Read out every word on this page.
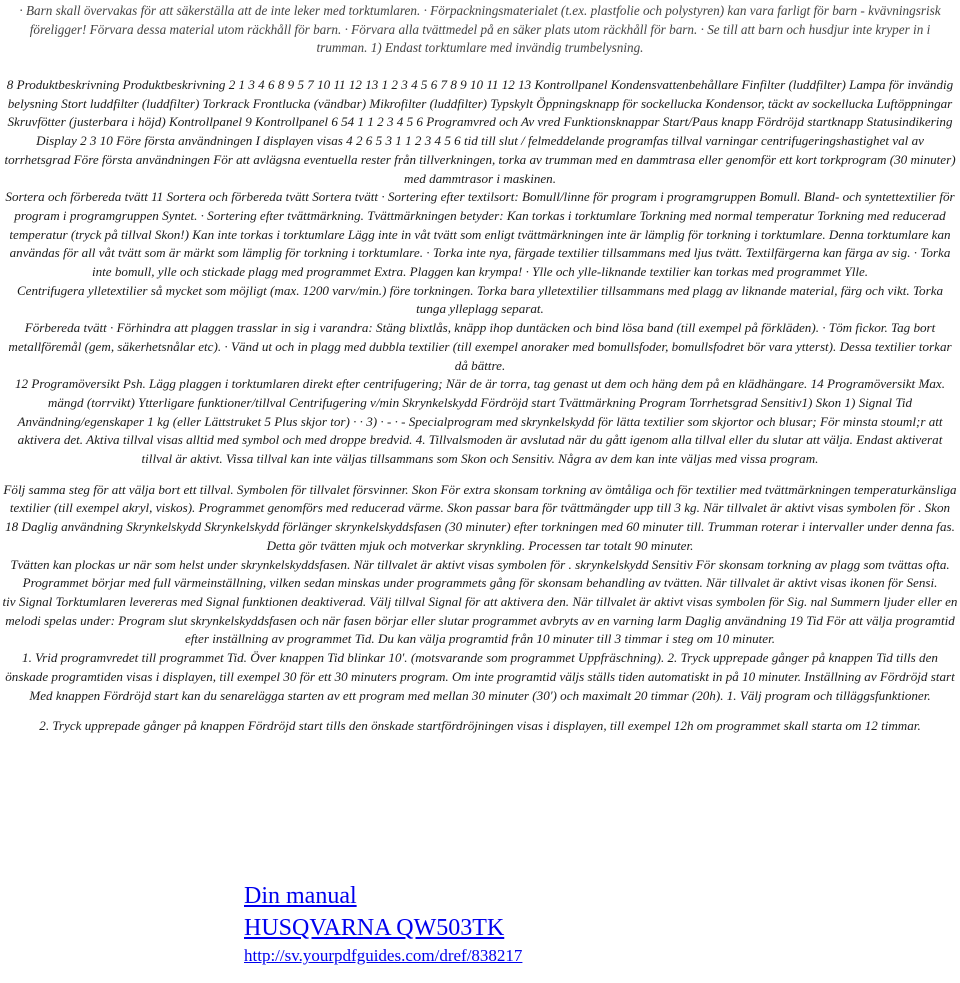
· Barn skall övervakas för att säkerställa att de inte leker med torktumlaren. · Förpackningsmaterialet (t.ex. plastfolie och polystyren) kan vara farligt för barn - kvävningsrisk föreligger! Förvara dessa material utom räckhåll för barn. · Förvara alla tvättmedel på en säker plats utom räckhåll för barn. · Se till att barn och husdjur inte kryper in i trumman. 1) Endast torktumlare med invändig trumbelysning.

8 Produktbeskrivning Produktbeskrivning 2 1 3 4 6 8 9 5 7 10 11 12 13 1 2 3 4 5 6 7 8 9 10 11 12 13 Kontrollpanel Kondensvattenbehållare Finfilter (luddfilter) Lampa för invändig belysning Stort luddfilter (luddfilter) Torkrack Frontlucka (vändbar) Mikrofilter (luddfilter) Typskylt Öppningsknapp för sockellucka Kondensor, täckt av sockellucka Luftöppningar Skruvfötter (justerbara i höjd) Kontrollpanel 9 Kontrollpanel 6 54 1 1 2 3 4 5 6 Programvred och Av vred Funktionsknappar Start/Paus knapp Fördröjd startknapp Statusindikering Display 2 3 10 Före första användningen I displayen visas 4 2 6 5 3 1 1 2 3 4 5 6 tid till slut / felmeddelande programfas tillval varningar centrifugeringshastighet val av torrhetsgrad Före första användningen För att avlägsna eventuella rester från tillverkningen, torka av trumman med en dammtrasa eller genomför ett kort torkprogram (30 minuter) med dammtrasor i maskinen.

Sortera och förbereda tvätt 11 Sortera och förbereda tvätt Sortera tvätt · Sortering efter textilsort: Bomull/linne för program i programgruppen Bomull. Bland- och syntettextilier för program i programgruppen Syntet. · Sortering efter tvättmärkning. Tvättmärkningen betyder: Kan torkas i torktumlare Torkning med normal temperatur Torkning med reducerad temperatur (tryck på tillval Skon!) Kan inte torkas i torktumlare Lägg inte in våt tvätt som enligt tvättmärkningen inte är lämplig för torkning i torktumlare. Denna torktumlare kan användas för all våt tvätt som är märkt som lämplig för torkning i torktumlare. · Torka inte nya, färgade textilier tillsammans med ljus tvätt. Textilfärgerna kan färga av sig. · Torka inte bomull, ylle och stickade plagg med programmet Extra. Plaggen kan krympa! · Ylle och ylle-liknande textilier kan torkas med programmet Ylle.

Centrifugera ylletextilier så mycket som möjligt (max. 1200 varv/min.) före torkningen. Torka bara ylletextilier tillsammans med plagg av liknande material, färg och vikt. Torka tunga ylleplagg separat.

Förbereda tvätt · Förhindra att plaggen trasslar in sig i varandra: Stäng blixtlås, knäpp ihop duntäcken och bind lösa band (till exempel på förkläden). · Töm fickor. Tag bort metallföremål (gem, säkerhetsnålar etc). · Vänd ut och in plagg med dubbla textilier (till exempel anoraker med bomullsfoder, bomullsfodret bör vara ytterst). Dessa textilier torkar då bättre.

12 Programöversikt Psh. Lägg plaggen i torktumlaren direkt efter centrifugering; När de är torra, tag genast ut dem och häng dem på en klädhängare. 14 Programöversikt Max. mängd (torrvikt) Ytterligare funktioner/tillval Centrifugering v/min Skrynkelskydd Fördröjd start Tvättmärkning Program Torrhetsgrad Sensitiv1) Skon 1) Signal Tid Användning/egenskaper 1 kg (eller Lättstruket 5 Plus skjor tor) · · 3) · - · - Specialprogram med skrynkelskydd för lätta textilier som skjortor och blusar; För minsta stouml;r att aktivera det. Aktiva tillval visas alltid med symbol och med droppe bredvid. 4. Tillvalsmoden är avslutad när du gått igenom alla tillval eller du slutar att välja. Endast aktiverat tillval är aktivt. Vissa tillval kan inte väljas tillsammans som Skon och Sensitiv. Några av dem kan inte väljas med vissa program.

Följ samma steg för att välja bort ett tillval. Symbolen för tillvalet försvinner. Skon För extra skonsam torkning av ömtåliga och för textilier med tvättmärkningen temperaturkänsliga textilier (till exempel akryl, viskos). Programmet genomförs med reducerad värme. Skon passar bara för tvättmängder upp till 3 kg. När tillvalet är aktivt visas symbolen för . Skon 18 Daglig användning Skrynkelskydd Skrynkelskydd förlänger skrynkelskyddsfasen (30 minuter) efter torkningen med 60 minuter till. Trumman roterar i intervaller under denna fas. Detta gör tvätten mjuk och motverkar skrynkling. Processen tar totalt 90 minuter.

Tvätten kan plockas ur när som helst under skrynkelskyddsfasen. När tillvalet är aktivt visas symbolen för . skrynkelskydd Sensitiv För skonsam torkning av plagg som tvättas ofta. Programmet börjar med full värmeinställning, vilken sedan minskas under programmets gång för skonsam behandling av tvätten. När tillvalet är aktivt visas ikonen för Sensi.

tiv Signal Torktumlaren levereras med Signal funktionen deaktiverad. Välj tillval Signal för att aktivera den. När tillvalet är aktivt visas symbolen för Sig. nal Summern ljuder eller en melodi spelas under: Program slut skrynkelskyddsfasen och när fasen börjar eller slutar programmet avbryts av en varning larm Daglig användning 19 Tid För att välja programtid efter inställning av programmet Tid. Du kan välja programtid från 10 minuter till 3 timmar i steg om 10 minuter.

1. Vrid programvredet till programmet Tid. Över knappen Tid blinkar 10'. (motsvarande som programmet Uppfräschning). 2. Tryck upprepade gånger på knappen Tid tills den önskade programtiden visas i displayen, till exempel 30 för ett 30 minuters program. Om inte programtid väljs ställs tiden automatiskt in på 10 minuter. Inställning av Fördröjd start Med knappen Fördröjd start kan du senarelägga starten av ett program med mellan 30 minuter (30') och maximalt 20 timmar (20h). 1. Välj program och tilläggsfunktioner.

2. Tryck upprepade gånger på knappen Fördröjd start tills den önskade startfördröjningen visas i displayen, till exempel 12h om programmet skall starta om 12 timmar.

Din manual
HUSQVARNA QW503TK
http://sv.yourpdfguides.com/dref/838217
